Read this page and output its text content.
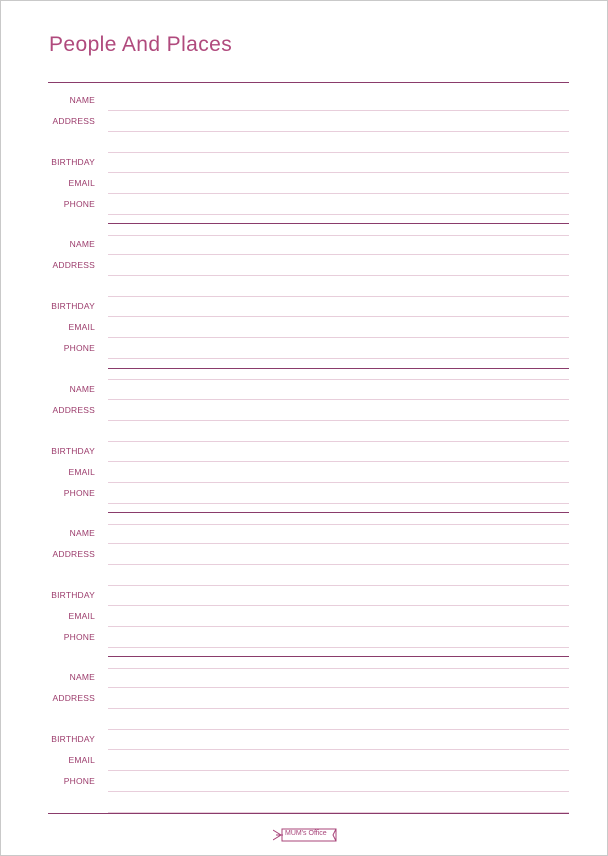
People And Places
NAME
ADDRESS
BIRTHDAY
EMAIL
PHONE
NAME
ADDRESS
BIRTHDAY
EMAIL
PHONE
NAME
ADDRESS
BIRTHDAY
EMAIL
PHONE
NAME
ADDRESS
BIRTHDAY
EMAIL
PHONE
NAME
ADDRESS
BIRTHDAY
EMAIL
PHONE
MUM's Office
